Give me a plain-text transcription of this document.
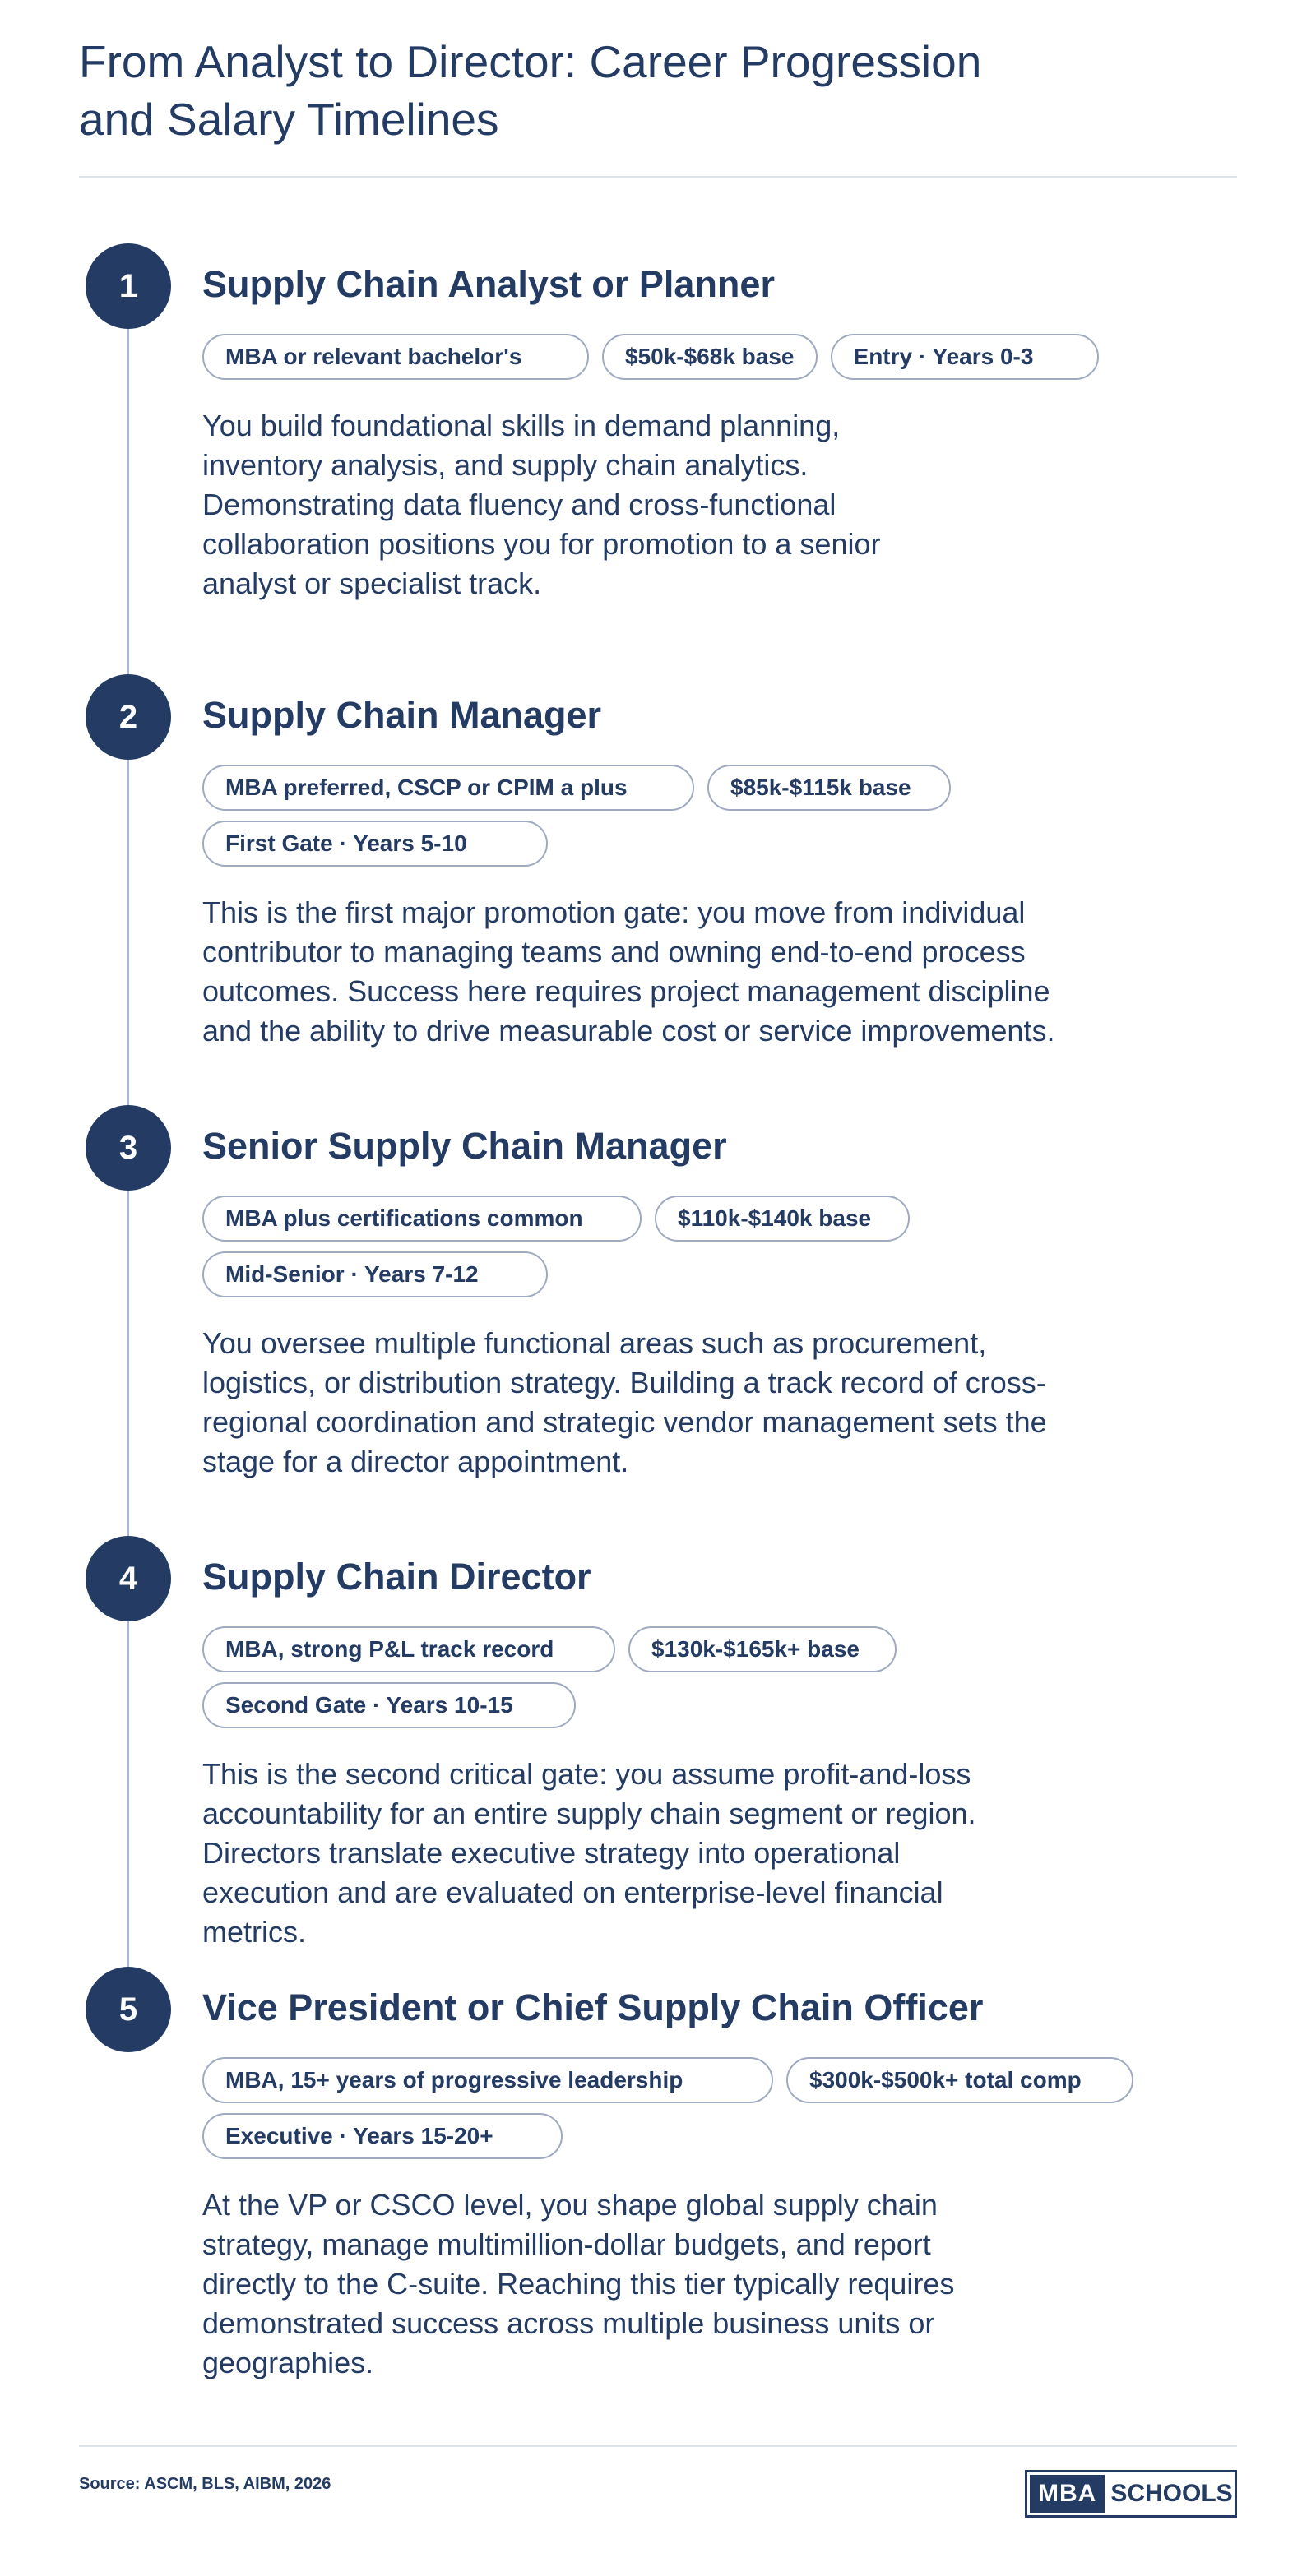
From Analyst to Director: Career Progression and Salary Timelines
1	Supply Chain Analyst or Planner
MBA or relevant bachelor's	$50k-$68k base	Entry · Years 0-3
You build foundational skills in demand planning, inventory analysis, and supply chain analytics. Demonstrating data fluency and cross-functional collaboration positions you for promotion to a senior analyst or specialist track.
2	Supply Chain Manager
MBA preferred, CSCP or CPIM a plus	$85k-$115k base
First Gate · Years 5-10
This is the first major promotion gate: you move from individual contributor to managing teams and owning end-to-end process outcomes. Success here requires project management discipline and the ability to drive measurable cost or service improvements.
3	Senior Supply Chain Manager
MBA plus certifications common	$110k-$140k base
Mid-Senior · Years 7-12
You oversee multiple functional areas such as procurement, logistics, or distribution strategy. Building a track record of cross-regional coordination and strategic vendor management sets the stage for a director appointment.
4	Supply Chain Director
MBA, strong P&L track record	$130k-$165k+ base
Second Gate · Years 10-15
This is the second critical gate: you assume profit-and-loss accountability for an entire supply chain segment or region. Directors translate executive strategy into operational execution and are evaluated on enterprise-level financial metrics.
5	Vice President or Chief Supply Chain Officer
MBA, 15+ years of progressive leadership	$300k-$500k+ total comp
Executive · Years 15-20+
At the VP or CSCO level, you shape global supply chain strategy, manage multimillion-dollar budgets, and report directly to the C-suite. Reaching this tier typically requires demonstrated success across multiple business units or geographies.
Source: ASCM, BLS, AIBM, 2026	MBA SCHOOLS
